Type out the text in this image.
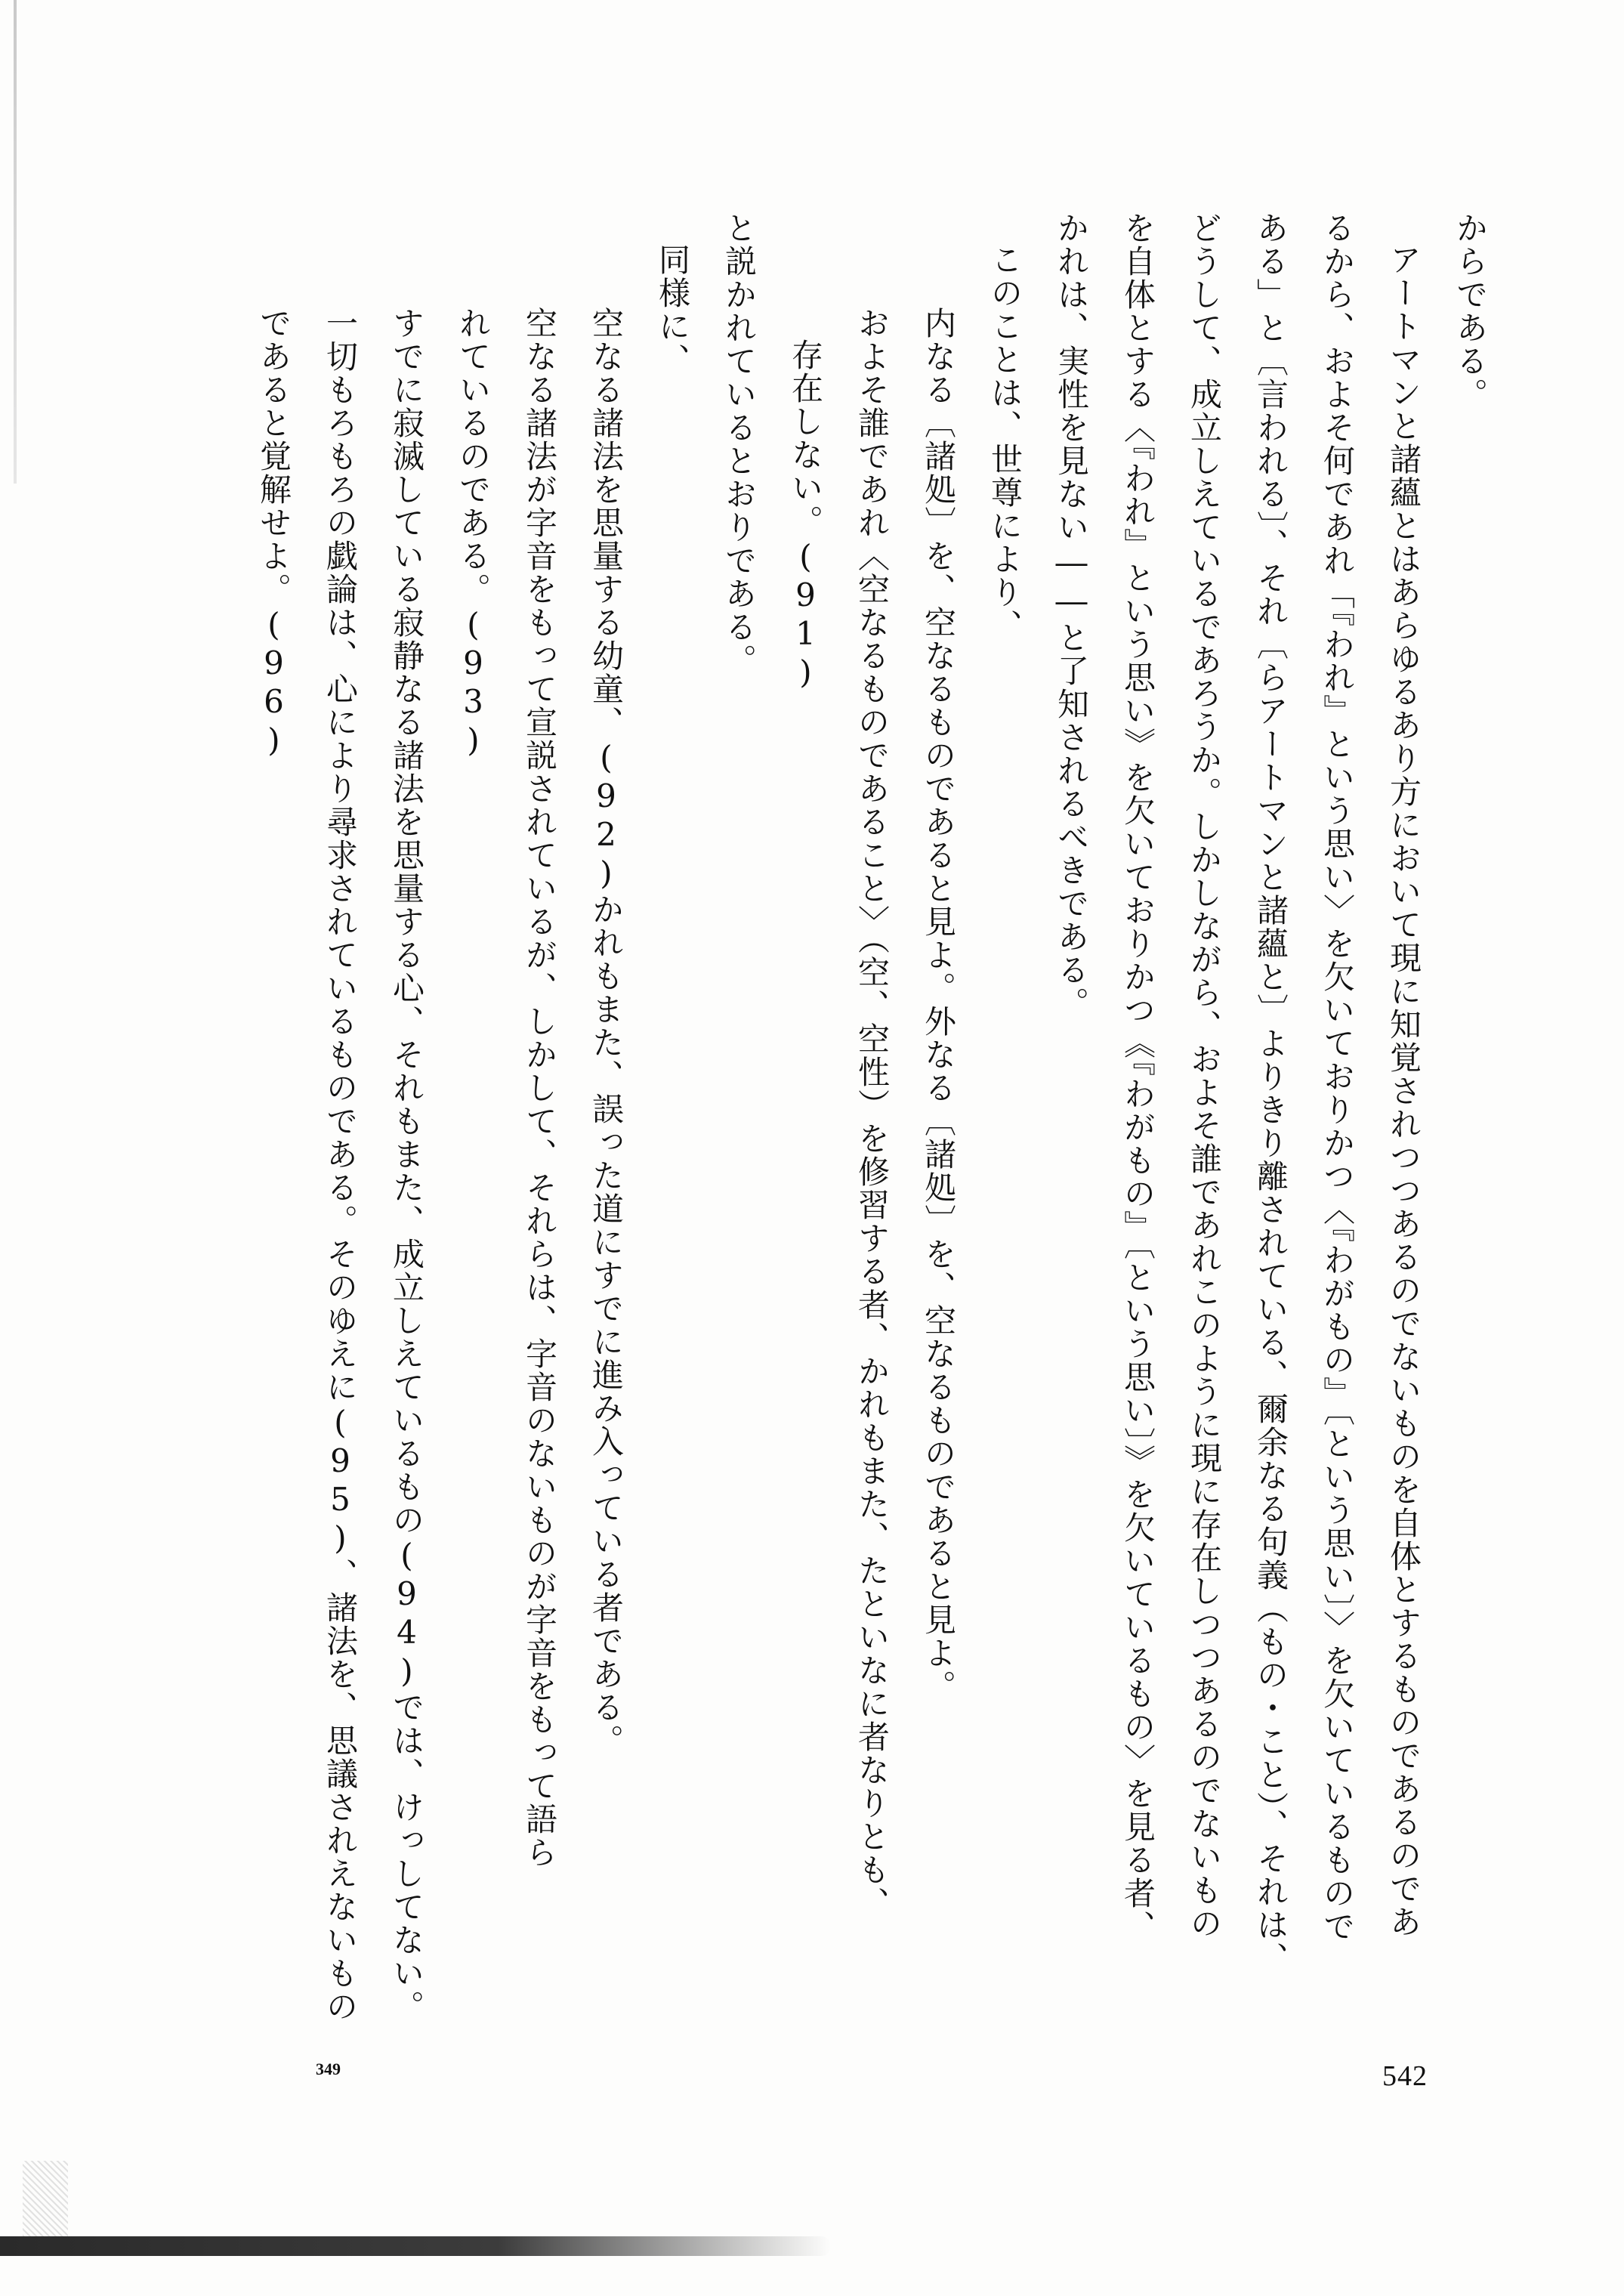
からである。
アートマンと諸蘊とはあらゆるあり方において現に知覚されつつあるのでないものを自体とするものであるのであ
るから、およそ何であれ「『われ』という思い〉を欠いておりかつ〈『わがもの』〔という思い〕〉を欠いているもので
ある」と〔言われる〕、それ〔らアートマンと諸蘊と〕よりきり離されている、爾余なる句義（もの・こと）、それは、
どうして、成立しえているであろうか。しかしながら、およそ誰であれこのように現に存在しつつあるのでないもの
を自体とする〈『われ』という思い》を欠いておりかつ《『わがもの』〔という思い〕》を欠いているもの〉を見る者、
かれは、実性を見ない――と了知されるべきである。
このことは、世尊により、
内なる〔諸処〕を、空なるものであると見よ。外なる〔諸処〕を、空なるものであると見よ。
およそ誰であれ〈空なるものであること〉（空、空性）を修習する者、かれもまた、たといなに者なりとも、
存在しない。(91)
と説かれているとおりである。
同様に、
空なる諸法を思量する幼童、(92)かれもまた、誤った道にすでに進み入っている者である。
空なる諸法が字音をもって宣説されているが、しかして、それらは、字音のないものが字音をもって語ら
れているのである。(93)
すでに寂滅している寂静なる諸法を思量する心、それもまた、成立しえているもの(94)では、けっしてない。
一切もろもろの戯論は、心により尋求されているものである。そのゆえに(95)、諸法を、思議されえないもの
であると覚解せよ。(96)
542
349
